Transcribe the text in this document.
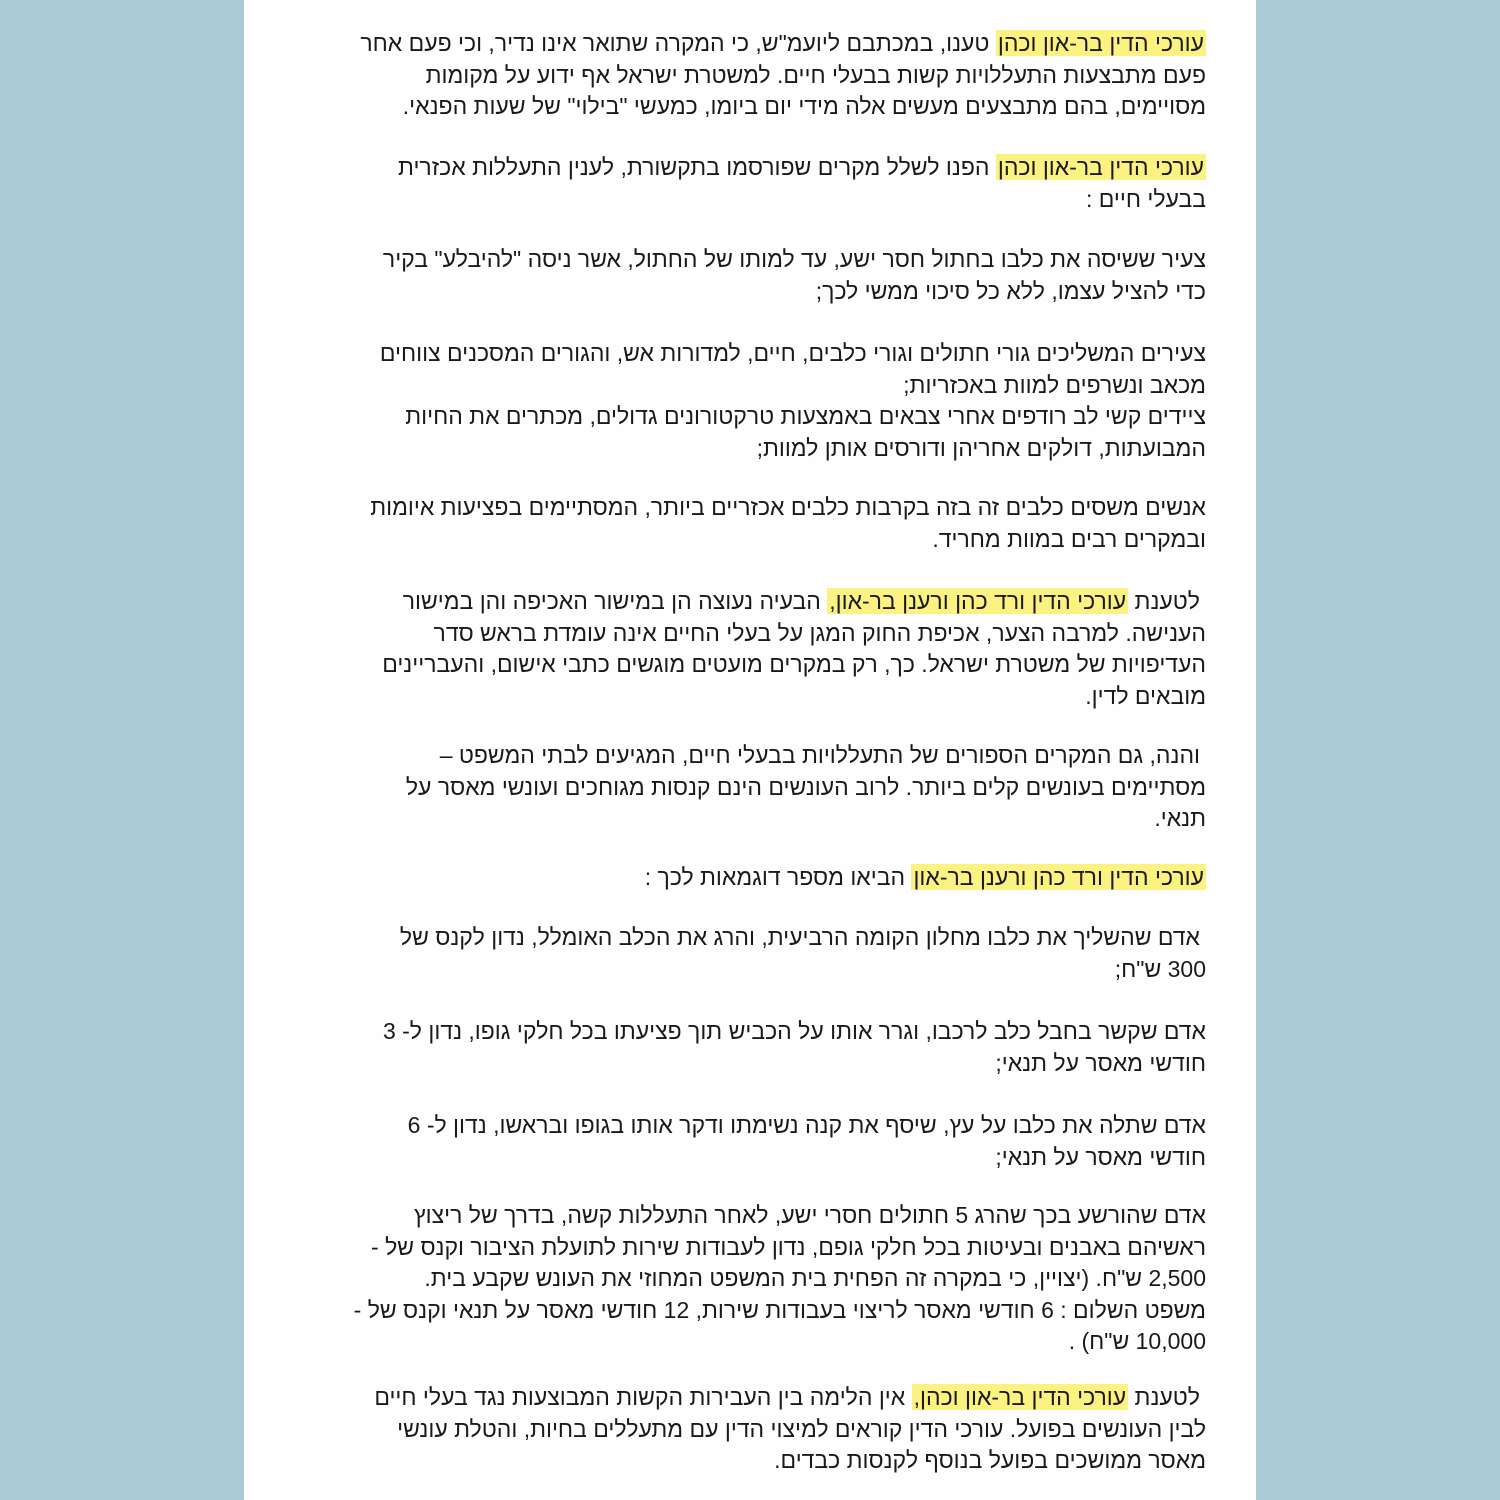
עורכי הדין בר-און וכהן טענו, במכתבם ליועמ"ש, כי המקרה שתואר אינו נדיר, וכי פעם אחר
פעם מתבצעות התעללויות קשות בבעלי חיים. למשטרת ישראל אף ידוע על מקומות
מסויימים, בהם מתבצעים מעשים אלה מידי יום ביומו, כמעשי "בילוי" של שעות הפנאי.
עורכי הדין בר-און וכהן הפנו לשלל מקרים שפורסמו בתקשורת, לענין התעללות אכזרית
בבעלי חיים :
צעיר ששיסה את כלבו בחתול חסר ישע, עד למותו של החתול, אשר ניסה "להיבלע" בקיר
כדי להציל עצמו, ללא כל סיכוי ממשי לכך;
צעירים המשליכים גורי חתולים וגורי כלבים, חיים, למדורות אש, והגורים המסכנים צווחים
מכאב ונשרפים למוות באכזריות;
ציידים קשי לב רודפים אחרי צבאים באמצעות טרקטורונים גדולים, מכתרים את החיות
המבועתות, דולקים אחריהן ודורסים אותן למוות;
אנשים משסים כלבים זה בזה בקרבות כלבים אכזריים ביותר, המסתיימים בפציעות איומות
ובמקרים רבים במוות מחריד.
לטענת עורכי הדין ורד כהן ורענן בר-און, הבעיה נעוצה הן במישור האכיפה והן במישור
הענישה. למרבה הצער, אכיפת החוק המגן על בעלי החיים אינה עומדת בראש סדר
העדיפויות של משטרת ישראל. כך, רק במקרים מועטים מוגשים כתבי אישום, והעבריינים
מובאים לדין.
והנה, גם המקרים הספורים של התעללויות בבעלי חיים, המגיעים לבתי המשפט –
מסתיימים בעונשים קלים ביותר. לרוב העונשים הינם קנסות מגוחכים ועונשי מאסר על
תנאי.
עורכי הדין ורד כהן ורענן בר-און הביאו מספר דוגמאות לכך :
אדם שהשליך את כלבו מחלון הקומה הרביעית, והרג את הכלב האומלל, נדון לקנס של
300 ש"ח;
אדם שקשר בחבל כלב לרכבו, וגרר אותו על הכביש תוך פציעתו בכל חלקי גופו, נדון ל- 3
חודשי מאסר על תנאי;
אדם שתלה את כלבו על עץ, שיסף את קנה נשימתו ודקר אותו בגופו ובראשו, נדון ל- 6
חודשי מאסר על תנאי;
אדם שהורשע בכך שהרג 5 חתולים חסרי ישע, לאחר התעללות קשה, בדרך של ריצוץ
ראשיהם באבנים ובעיטות בכל חלקי גופם, נדון לעבודות שירות לתועלת הציבור וקנס של -
2,500 ש"ח. (יצויין, כי במקרה זה הפחית בית המשפט המחוזי את העונש שקבע בית.
משפט השלום : 6 חודשי מאסר לריצוי בעבודות שירות, 12 חודשי מאסר על תנאי וקנס של -
10,000 ש"ח) .
לטענת עורכי הדין בר-און וכהן, אין הלימה בין העבירות הקשות המבוצעות נגד בעלי חיים
לבין העונשים בפועל. עורכי הדין קוראים למיצוי הדין עם מתעללים בחיות, והטלת עונשי
מאסר ממושכים בפועל בנוסף לקנסות כבדים.
